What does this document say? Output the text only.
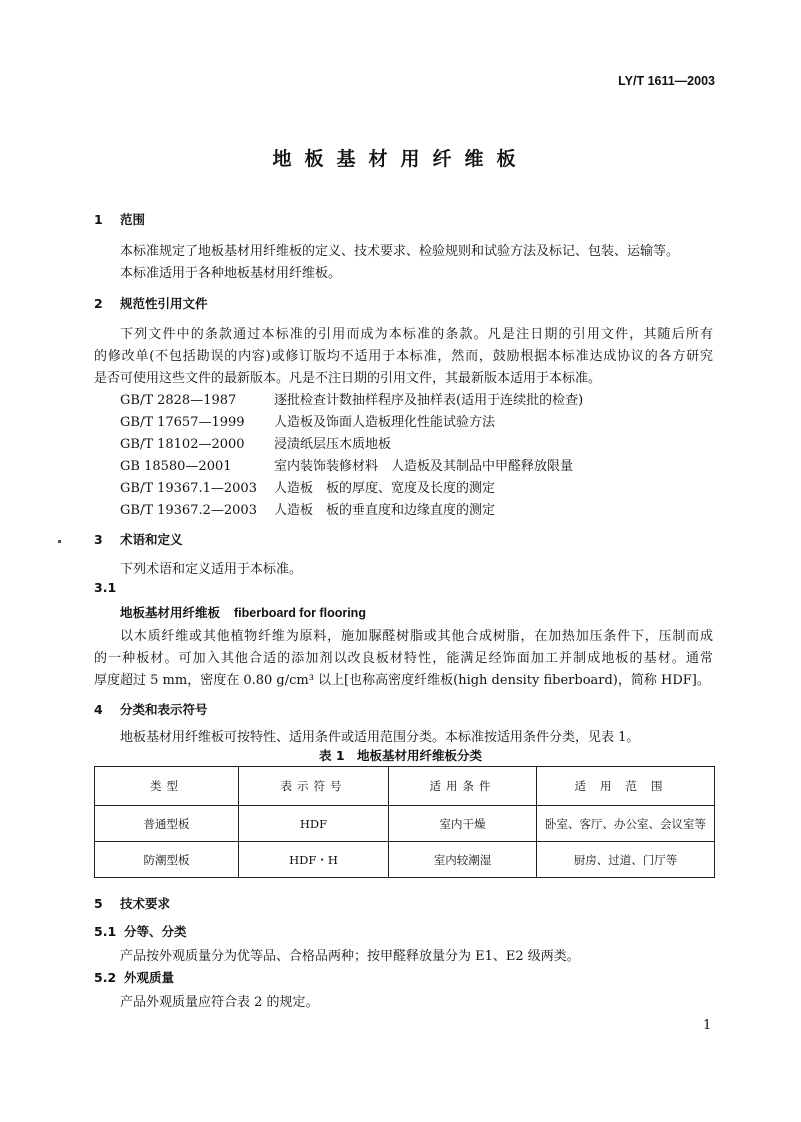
LY/T 1611—2003
地板基材用纤维板
1 范围
本标准规定了地板基材用纤维板的定义、技术要求、检验规则和试验方法及标记、包装、运输等。
本标准适用于各种地板基材用纤维板。
2 规范性引用文件
下列文件中的条款通过本标准的引用而成为本标准的条款。凡是注日期的引用文件，其随后所有
的修改单(不包括勘误的内容)或修订版均不适用于本标准，然而，鼓励根据本标准达成协议的各方研究
是否可使用这些文件的最新版本。凡是不注日期的引用文件，其最新版本适用于本标准。
GB/T 2828—1987	逐批检查计数抽样程序及抽样表(适用于连续批的检查)
GB/T 17657—1999 人造板及饰面人造板理化性能试验方法
GB/T 18102—2000 浸渍纸层压木质地板
GB 18580—2001	室内装饰装修材料　人造板及其制品中甲醛释放限量
GB/T 19367.1—2003 人造板　板的厚度、宽度及长度的测定
GB/T 19367.2—2003 人造板　板的垂直度和边缘直度的测定
3 术语和定义
下列术语和定义适用于本标准。
3.1
地板基材用纤维板 fiberboard for flooring
以木质纤维或其他植物纤维为原料，施加脲醛树脂或其他合成树脂，在加热加压条件下，压制而成
的一种板材。可加入其他合适的添加剂以改良板材特性，能满足经饰面加工并制成地板的基材。通常
厚度超过 5 mm，密度在 0.80 g/cm³ 以上[也称高密度纤维板(high density fiberboard)，简称 HDF]。
4 分类和表示符号
地板基材用纤维板可按特性、适用条件或适用范围分类。本标准按适用条件分类，见表 1。
表 1　地板基材用纤维板分类
类型	表示符号	适用条件	适用范围
普通型板	HDF	室内干燥	卧室、客厅、办公室、会议室等
防潮型板	HDF・H	室内较潮湿	厨房、过道、门厅等
5 技术要求
5.1 分等、分类
产品按外观质量分为优等品、合格品两种；按甲醛释放量分为 E1、E2 级两类。
5.2 外观质量
产品外观质量应符合表 2 的规定。
1
